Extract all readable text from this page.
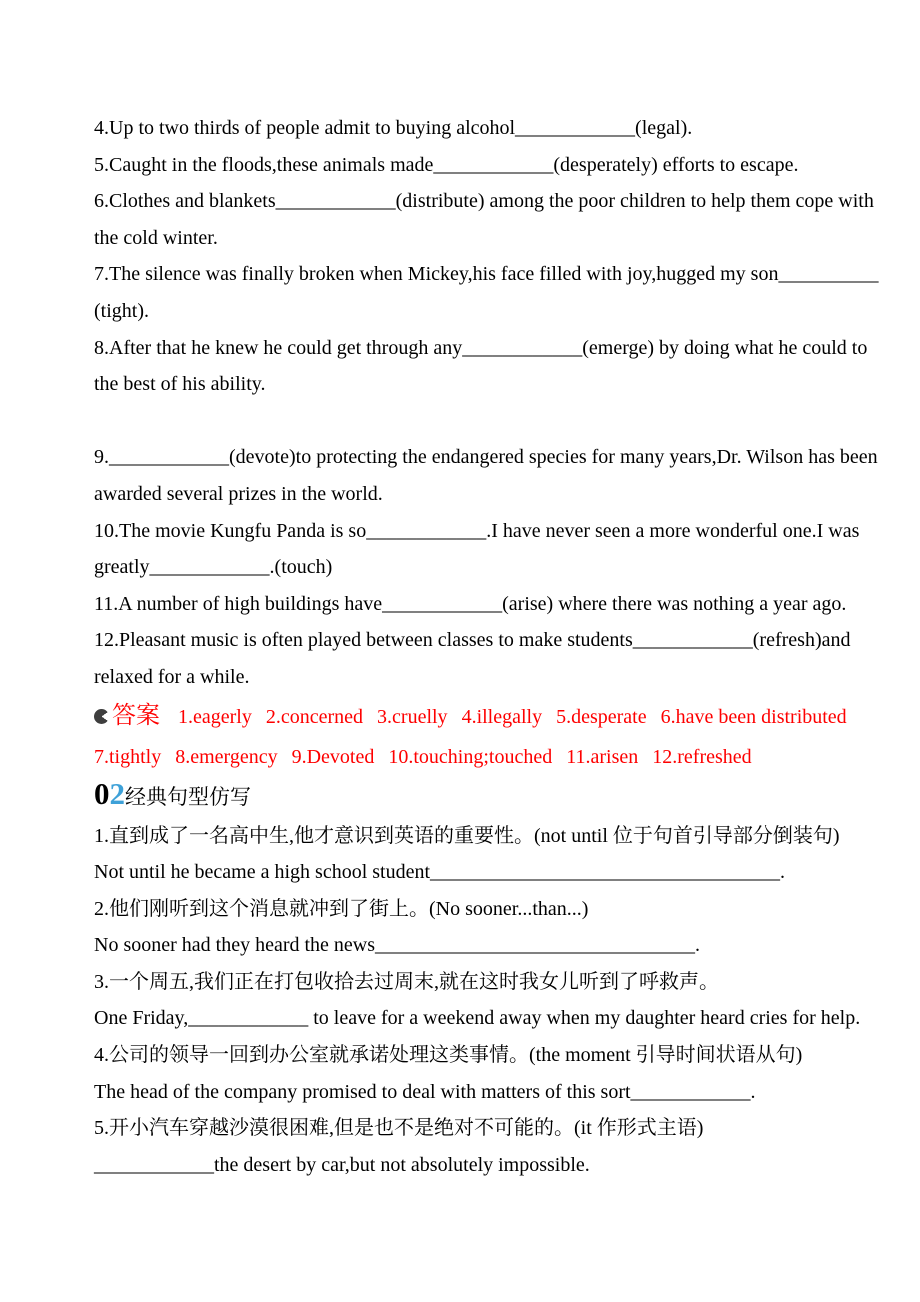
4.Up to two thirds of people admit to buying alcohol____________(legal).
5.Caught in the floods,these animals made____________(desperately) efforts to escape.
6.Clothes and blankets____________(distribute) among the poor children to help them cope with
the cold winter.
7.The silence was finally broken when Mickey,his face filled with joy,hugged my son__________
(tight).
8.After that he knew he could get through any____________(emerge) by doing what he could to
the best of his ability.
9.____________(devote)to protecting the endangered species for many years,Dr. Wilson has been
awarded several prizes in the world.
10.The movie Kungfu Panda is so____________.I have never seen a more wonderful one.I was
greatly____________.(touch)
11.A number of high buildings have____________(arise) where there was nothing a year ago.
12.Pleasant music is often played between classes to make students____________(refresh)and
relaxed for a while.
答案 1.eagerly 2.concerned 3.cruelly 4.illegally 5.desperate 6.have been distributed
7.tightly 8.emergency 9.Devoted 10.touching;touched 11.arisen 12.refreshed
02经典句型仿写
1.直到成了一名高中生,他才意识到英语的重要性。(not until 位于句首引导部分倒装句)
Not until he became a high school student___________________________________.
2.他们刚听到这个消息就冲到了街上。(No sooner...than...)
No sooner had they heard the news________________________________.
3.一个周五,我们正在打包收拾去过周末,就在这时我女儿听到了呼救声。
One Friday,____________ to leave for a weekend away when my daughter heard cries for help.
4.公司的领导一回到办公室就承诺处理这类事情。(the moment 引导时间状语从句)
The head of the company promised to deal with matters of this sort____________.
5.开小汽车穿越沙漠很困难,但是也不是绝对不可能的。(it 作形式主语)
____________the desert by car,but not absolutely impossible.
